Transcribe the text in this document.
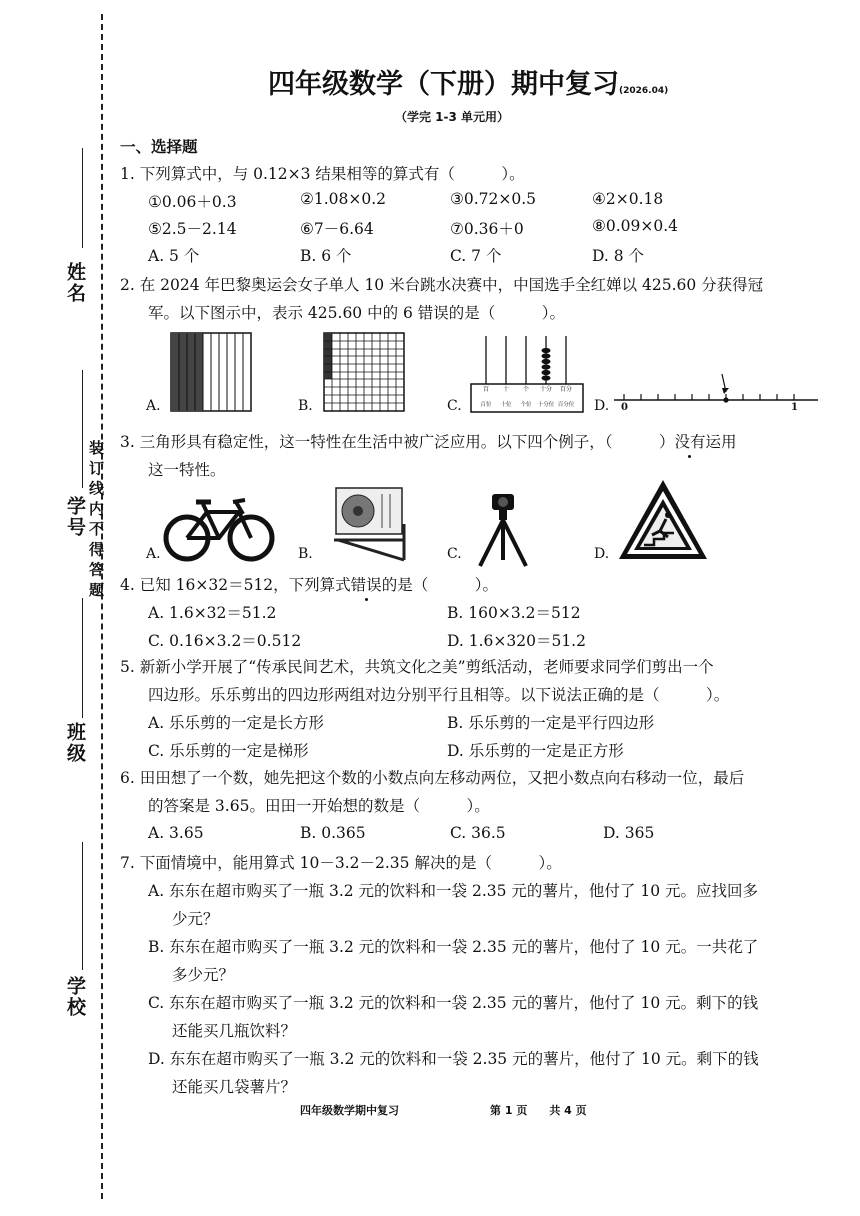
姓名
学号
班级
学校
装 订 线 内 不 得 答 题
四年级数学（下册）期中复习(2026.04)
（学完 1-3 单元用）
一、选择题
1. 下列算式中，与 0.12×3 结果相等的算式有（　　　）。
①0.06＋0.3	②1.08×0.2	③0.72×0.5	④2×0.18
⑤2.5－2.14	⑥7－6.64	⑦0.36＋0	⑧0.09×0.4
A. 5 个	B. 6 个	C. 7 个	D. 8 个
2. 在 2024 年巴黎奥运会女子单人 10 米台跳水决赛中，中国选手全红婵以 425.60 分获得冠
军。以下图示中，表示 425.60 中的 6 错误的是（　　　）。
A.	B.	C.
百
百位
十
十位
个
个位
十分
十分位
百分
百分位 D. 0	1
3. 三角形具有稳定性，这一特性在生活中被广泛应用。以下四个例子，（　　　）没有运用
这一特性。
A.	B.	C.	D.
4. 已知 16×32＝512，下列算式错误的是（　　　）。
A. 1.6×32＝51.2	B. 160×3.2＝512
C. 0.16×3.2＝0.512	D. 1.6×320＝51.2
5. 新新小学开展了“传承民间艺术，共筑文化之美”剪纸活动，老师要求同学们剪出一个
四边形。乐乐剪出的四边形两组对边分别平行且相等。以下说法正确的是（　　　）。
A. 乐乐剪的一定是长方形	B. 乐乐剪的一定是平行四边形
C. 乐乐剪的一定是梯形	D. 乐乐剪的一定是正方形
6. 田田想了一个数，她先把这个数的小数点向左移动两位，又把小数点向右移动一位，最后
的答案是 3.65。田田一开始想的数是（　　　）。
A. 3.65	B. 0.365	C. 36.5	D. 365
7. 下面情境中，能用算式 10－3.2－2.35 解决的是（　　　）。
A. 东东在超市购买了一瓶 3.2 元的饮料和一袋 2.35 元的薯片，他付了 10 元。应找回多
少元？
B. 东东在超市购买了一瓶 3.2 元的饮料和一袋 2.35 元的薯片，他付了 10 元。一共花了
多少元？
C. 东东在超市购买了一瓶 3.2 元的饮料和一袋 2.35 元的薯片，他付了 10 元。剩下的钱
还能买几瓶饮料？
D. 东东在超市购买了一瓶 3.2 元的饮料和一袋 2.35 元的薯片，他付了 10 元。剩下的钱
还能买几袋薯片？
四年级数学期中复习	第 1 页　　共 4 页
